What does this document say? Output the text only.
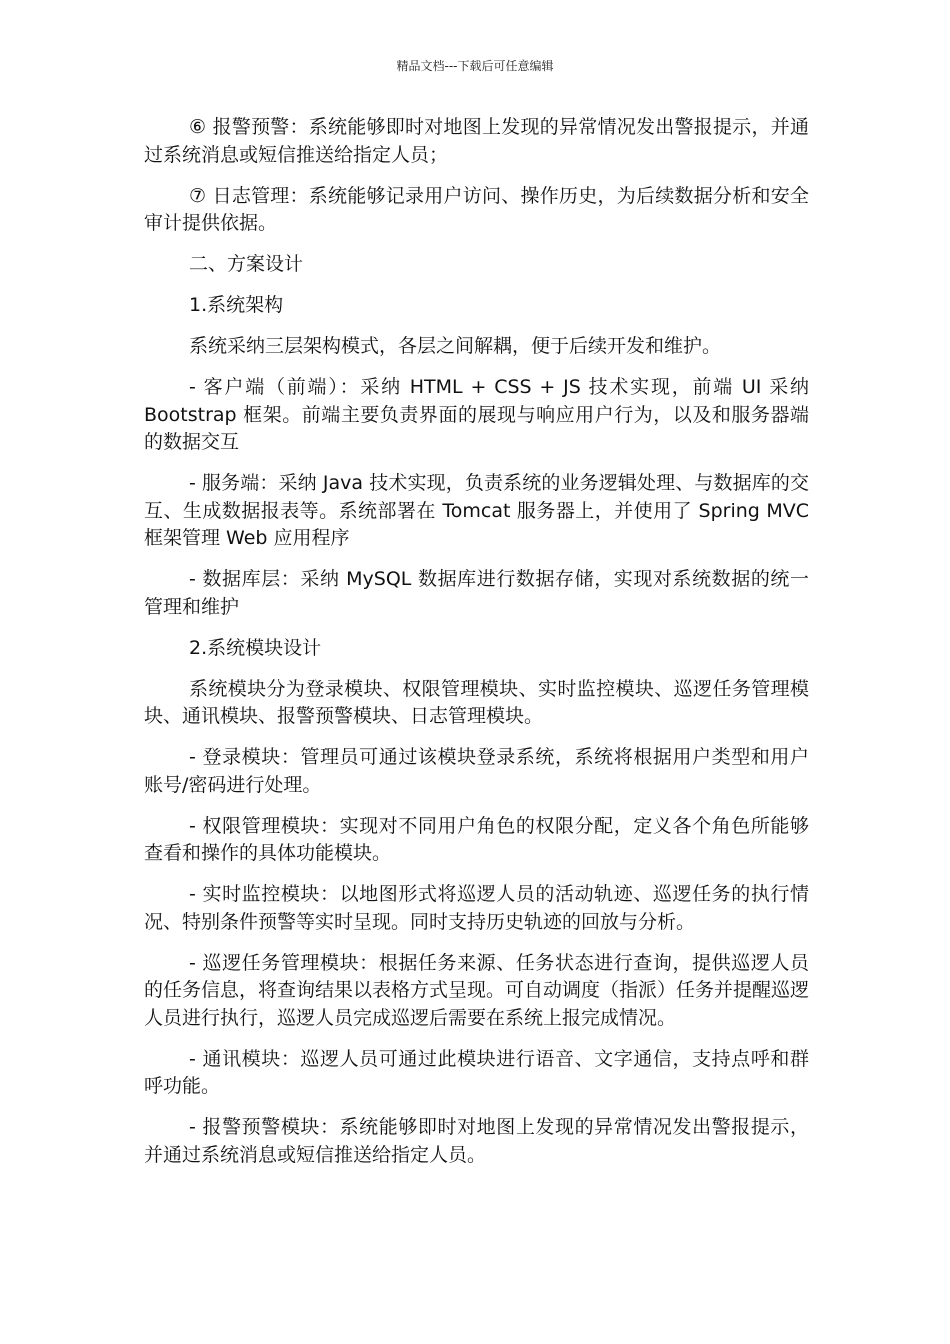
精品文档---下载后可任意编辑

⑥ 报警预警：系统能够即时对地图上发现的异常情况发出警报提示，并通过系统消息或短信推送给指定人员；

⑦ 日志管理：系统能够记录用户访问、操作历史，为后续数据分析和安全审计提供依据。

二、方案设计

1.系统架构

系统采纳三层架构模式，各层之间解耦，便于后续开发和维护。

- 客户端（前端）：采纳 HTML + CSS + JS 技术实现，前端 UI 采纳 Bootstrap 框架。前端主要负责界面的展现与响应用户行为，以及和服务器端的数据交互

- 服务端：采纳 Java 技术实现，负责系统的业务逻辑处理、与数据库的交互、生成数据报表等。系统部署在 Tomcat 服务器上，并使用了 Spring MVC 框架管理 Web 应用程序

- 数据库层：采纳 MySQL 数据库进行数据存储，实现对系统数据的统一管理和维护

2.系统模块设计

系统模块分为登录模块、权限管理模块、实时监控模块、巡逻任务管理模块、通讯模块、报警预警模块、日志管理模块。

- 登录模块：管理员可通过该模块登录系统，系统将根据用户类型和用户账号/密码进行处理。

- 权限管理模块：实现对不同用户角色的权限分配，定义各个角色所能够查看和操作的具体功能模块。

- 实时监控模块：以地图形式将巡逻人员的活动轨迹、巡逻任务的执行情况、特别条件预警等实时呈现。同时支持历史轨迹的回放与分析。

- 巡逻任务管理模块：根据任务来源、任务状态进行查询，提供巡逻人员的任务信息，将查询结果以表格方式呈现。可自动调度（指派）任务并提醒巡逻人员进行执行，巡逻人员完成巡逻后需要在系统上报完成情况。

- 通讯模块：巡逻人员可通过此模块进行语音、文字通信，支持点呼和群呼功能。

- 报警预警模块：系统能够即时对地图上发现的异常情况发出警报提示，并通过系统消息或短信推送给指定人员。
